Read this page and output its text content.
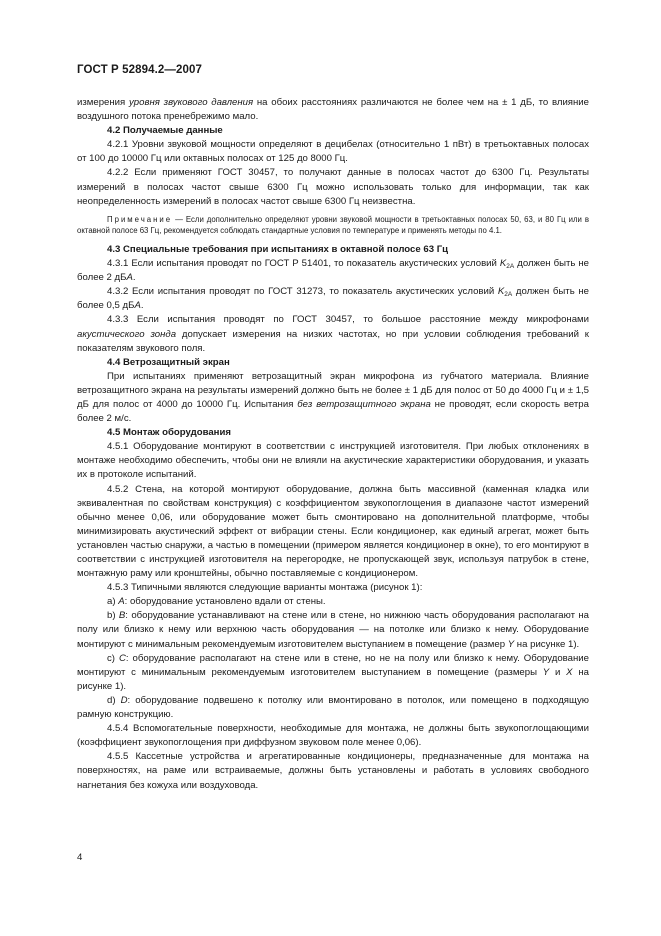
ГОСТ Р 52894.2—2007

измерения уровня звукового давления на обоих расстояниях различаются не более чем на ± 1 дБ, то влияние воздушного потока пренебрежимо мало.

4.2 Получаемые данные

4.2.1 Уровни звуковой мощности определяют в децибелах (относительно 1 пВт) в третьоктавных полосах от 100 до 10000 Гц или октавных полосах от 125 до 8000 Гц.

4.2.2 Если применяют ГОСТ 30457, то получают данные в полосах частот до 6300 Гц. Результаты измерений в полосах частот свыше 6300 Гц можно использовать только для информации, так как неопределенность измерений в полосах частот свыше 6300 Гц неизвестна.

Примечание — Если дополнительно определяют уровни звуковой мощности в третьоктавных полосах 50, 63, и 80 Гц или в октавной полосе 63 Гц, рекомендуется соблюдать стандартные условия по температуре и применять методы по 4.1.

4.3 Специальные требования при испытаниях в октавной полосе 63 Гц

4.3.1 Если испытания проводят по ГОСТ Р 51401, то показатель акустических условий $K_{2A}$ должен быть не более 2 дБА.

4.3.2 Если испытания проводят по ГОСТ 31273, то показатель акустических условий $K_{2A}$ должен быть не более 0,5 дБА.

4.3.3 Если испытания проводят по ГОСТ 30457, то большое расстояние между микрофонами акустического зонда допускает измерения на низких частотах, но при условии соблюдения требований к показателям звукового поля.

4.4 Ветрозащитный экран

При испытаниях применяют ветрозащитный экран микрофона из губчатого материала. Влияние ветрозащитного экрана на результаты измерений должно быть не более ± 1 дБ для полос от 50 до 4000 Гц и ± 1,5 дБ для полос от 4000 до 10000 Гц. Испытания без ветрозащитного экрана не проводят, если скорость ветра более 2 м/с.

4.5 Монтаж оборудования

4.5.1 Оборудование монтируют в соответствии с инструкцией изготовителя. При любых отклонениях в монтаже необходимо обеспечить, чтобы они не влияли на акустические характеристики оборудования, и указать их в протоколе испытаний.

4.5.2 Стена, на которой монтируют оборудование, должна быть массивной (каменная кладка или эквивалентная по свойствам конструкция) с коэффициентом звукопоглощения в диапазоне частот измерений обычно менее 0,06, или оборудование может быть смонтировано на дополнительной платформе, чтобы минимизировать акустический эффект от вибрации стены. Если кондиционер, как единый агрегат, может быть установлен частью снаружи, а частью в помещении (примером является кондиционер в окне), то его монтируют в соответствии с инструкцией изготовителя на перегородке, не пропускающей звук, используя патрубок в стене, монтажную раму или кронштейны, обычно поставляемые с кондиционером.

4.5.3 Типичными являются следующие варианты монтажа (рисунок 1):

a) A: оборудование установлено вдали от стены.

b) B: оборудование устанавливают на стене или в стене, но нижнюю часть оборудования располагают на полу или близко к нему или верхнюю часть оборудования — на потолке или близко к нему. Оборудование монтируют с минимальным рекомендуемым изготовителем выступанием в помещение (размер Y на рисунке 1).

c) C: оборудование располагают на стене или в стене, но не на полу или близко к нему. Оборудование монтируют с минимальным рекомендуемым изготовителем выступанием в помещение (размеры Y и X на рисунке 1).

d) D: оборудование подвешено к потолку или вмонтировано в потолок, или помещено в подходящую рамную конструкцию.

4.5.4 Вспомогательные поверхности, необходимые для монтажа, не должны быть звукопоглощающими (коэффициент звукопоглощения при диффузном звуковом поле менее 0,06).

4.5.5 Кассетные устройства и агрегатированные кондиционеры, предназначенные для монтажа на поверхностях, на раме или встраиваемые, должны быть установлены и работать в условиях свободного нагнетания без кожуха или воздуховода.

4
